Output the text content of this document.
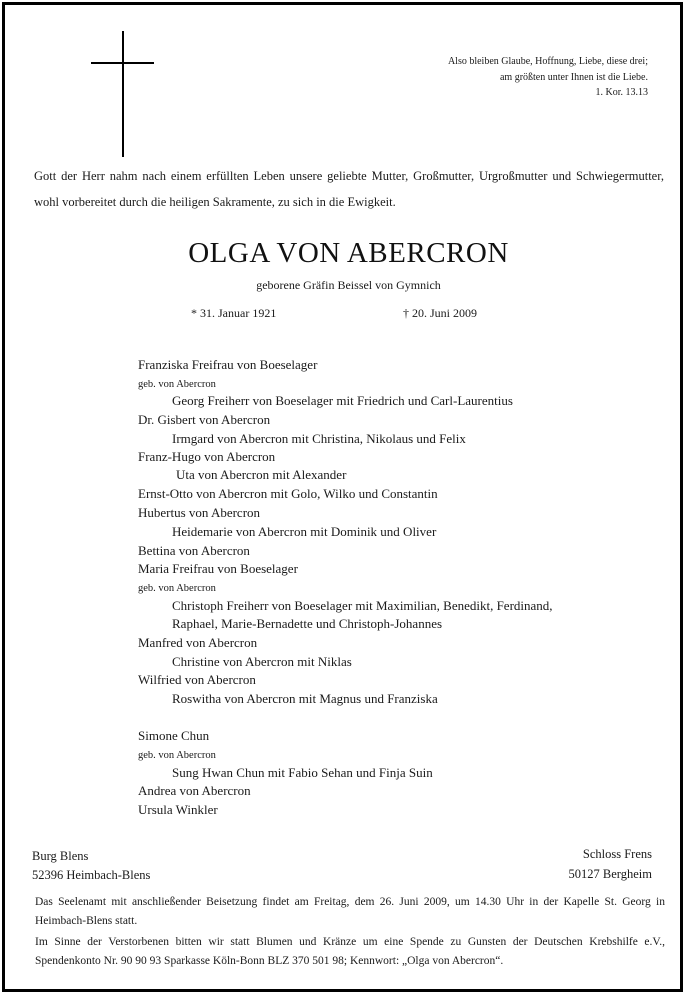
Also bleiben Glaube, Hoffnung, Liebe, diese drei;
am größten unter Ihnen ist die Liebe.
1. Kor. 13.13
Gott der Herr nahm nach einem erfüllten Leben unsere geliebte Mutter, Großmutter, Urgroßmutter und Schwiegermutter, wohl vorbereitet durch die heiligen Sakramente, zu sich in die Ewigkeit.
OLGA VON ABERCRON
geborene Gräfin Beissel von Gymnich
* 31. Januar 1921	† 20. Juni 2009
Franziska Freifrau von Boeselager
geb. von Abercron
Georg Freiherr von Boeselager mit Friedrich und Carl-Laurentius
Dr. Gisbert von Abercron
Irmgard von Abercron mit Christina, Nikolaus und Felix
Franz-Hugo von Abercron
Uta von Abercron mit Alexander
Ernst-Otto von Abercron mit Golo, Wilko und Constantin
Hubertus von Abercron
Heidemarie von Abercron mit Dominik und Oliver
Bettina von Abercron
Maria Freifrau von Boeselager
geb. von Abercron
Christoph Freiherr von Boeselager mit Maximilian, Benedikt, Ferdinand,
Raphael, Marie-Bernadette und Christoph-Johannes
Manfred von Abercron
Christine von Abercron mit Niklas
Wilfried von Abercron
Roswitha von Abercron mit Magnus und Franziska
Simone Chun
geb. von Abercron
Sung Hwan Chun mit Fabio Sehan und Finja Suin
Andrea von Abercron
Ursula Winkler
Burg Blens
52396 Heimbach-Blens
Schloss Frens
50127 Bergheim
Das Seelenamt mit anschließender Beisetzung findet am Freitag, dem 26. Juni 2009, um 14.30 Uhr in der Kapelle St. Georg in Heimbach-Blens statt.
Im Sinne der Verstorbenen bitten wir statt Blumen und Kränze um eine Spende zu Gunsten der Deutschen Krebshilfe e.V., Spendenkonto Nr. 90 90 93 Sparkasse Köln-Bonn BLZ 370 501 98; Kennwort: „Olga von Abercron“.
